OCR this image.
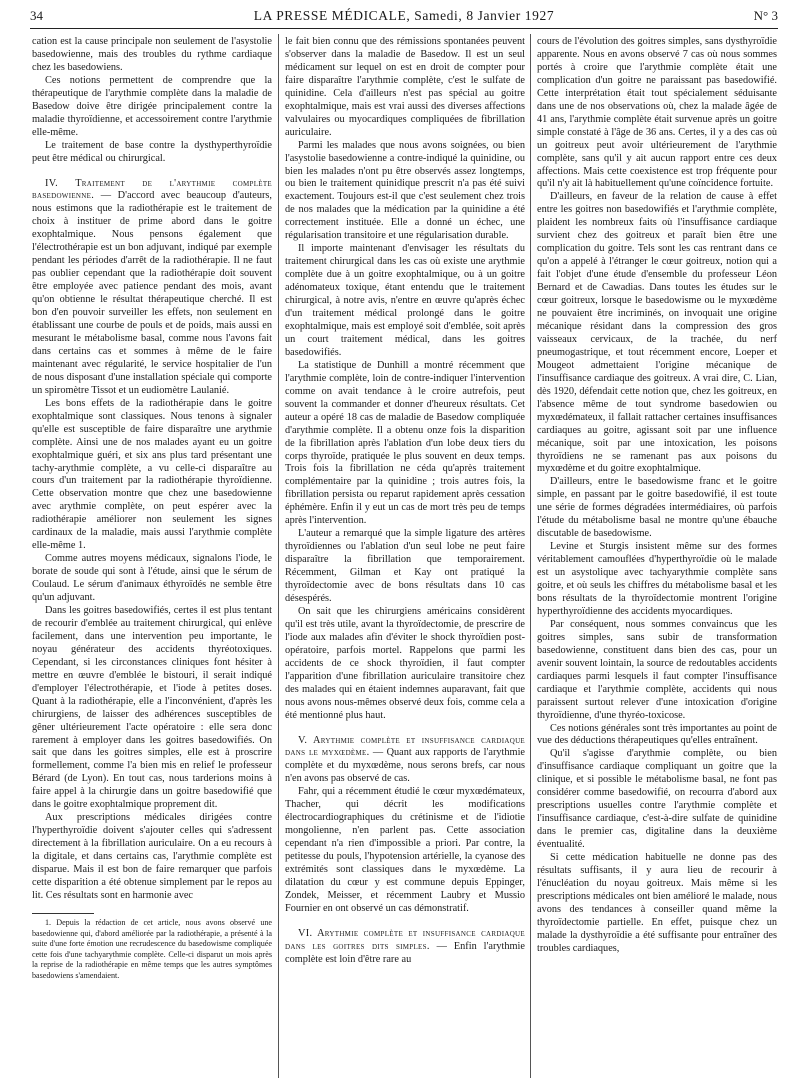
34	LA PRESSE MÉDICALE, Samedi, 8 Janvier 1927	N° 3

cation est la cause principale non seulement de l'asystolie basedowienne, mais des troubles du rythme cardiaque chez les basedowiens.

Ces notions permettent de comprendre que la thérapeutique de l'arythmie complète dans la maladie de Basedow doive être dirigée principalement contre la maladie thyroïdienne, et accessoirement contre l'arythmie elle-même.

Le traitement de base contre la dysthyperthyroïdie peut être médical ou chirurgical.

IV. Traitement de l'arythmie complète basedowienne. — D'accord avec beaucoup d'auteurs, nous estimons que la radiothérapie est le traitement de choix à instituer de prime abord dans le goitre exophtalmique. Nous pensons également que l'électrothérapie est un bon adjuvant, indiqué par exemple pendant les périodes d'arrêt de la radiothérapie. Il ne faut pas oublier cependant que la radiothérapie doit souvent être employée avec patience pendant des mois, avant qu'on obtienne le résultat thérapeutique cherché. Il est bon d'en pouvoir surveiller les effets, non seulement en établissant une courbe de pouls et de poids, mais aussi en mesurant le métabolisme basal, comme nous l'avons fait dans certains cas et sommes à même de le faire maintenant avec régularité, le service hospitalier de l'un de nous disposant d'une installation spéciale qui comporte un spiromètre Tissot et un eudiomètre Laulanié.

Les bons effets de la radiothérapie dans le goitre exophtalmique sont classiques. Nous tenons à signaler qu'elle est susceptible de faire disparaître une arythmie complète. Ainsi une de nos malades ayant eu un goitre exophtalmique guéri, et six ans plus tard présentant une tachy-arythmie complète, a vu celle-ci disparaître au cours d'un traitement par la radiothérapie thyroïdienne. Cette observation montre que chez une basedowienne avec arythmie complète, on peut espérer avec la radiothérapie améliorer non seulement les signes cardinaux de la maladie, mais aussi l'arythmie complète elle-même 1.

Comme autres moyens médicaux, signalons l'iode, le borate de soude qui sont à l'étude, ainsi que le sérum de Coulaud. Le sérum d'animaux éthyroïdés ne semble être qu'un adjuvant.

Dans les goitres basedowifiés, certes il est plus tentant de recourir d'emblée au traitement chirurgical, qui enlève facilement, dans une intervention peu importante, le noyau générateur des accidents thyréotoxiques. Cependant, si les circonstances cliniques font hésiter à mettre en œuvre d'emblée le bistouri, il serait indiqué d'employer l'électrothérapie, et l'iode à petites doses. Quant à la radiothérapie, elle a l'inconvénient, d'après les chirurgiens, de laisser des adhérences susceptibles de gêner ultérieurement l'acte opératoire : elle sera donc rarement à employer dans les goitres basedowifiés. On sait que dans les goitres simples, elle est à proscrire formellement, comme l'a bien mis en relief le professeur Bérard (de Lyon). En tout cas, nous tarderions moins à faire appel à la chirurgie dans un goitre basedowifié que dans le goitre exophtalmique proprement dit.

Aux prescriptions médicales dirigées contre l'hyperthyroïdie doivent s'ajouter celles qui s'adressent directement à la fibrillation auriculaire. On a eu recours à la digitale, et dans certains cas, l'arythmie complète est disparue. Mais il est bon de faire remarquer que parfois cette disparition a été obtenue simplement par le repos au lit. Ces résultats sont en harmonie avec

1. Depuis la rédaction de cet article, nous avons observé une basedowienne qui, d'abord améliorée par la radiothérapie, a présenté à la suite d'une forte émotion une recrudescence du basedowisme compliquée cette fois d'une tachyarythmie complète. Celle-ci disparut un mois après la reprise de la radiothérapie en même temps que les autres symptômes basedowiens s'amendaient.

le fait bien connu que des rémissions spontanées peuvent s'observer dans la maladie de Basedow. Il est un seul médicament sur lequel on est en droit de compter pour faire disparaître l'arythmie complète, c'est le sulfate de quinidine. Cela d'ailleurs n'est pas spécial au goitre exophtalmique, mais est vrai aussi des diverses affections valvulaires ou myocardiques compliquées de fibrillation auriculaire.

Parmi les malades que nous avons soignées, ou bien l'asystolie basedowienne a contre-indiqué la quinidine, ou bien les malades n'ont pu être observés assez longtemps, ou bien le traitement quinidique prescrit n'a pas été suivi exactement. Toujours est-il que c'est seulement chez trois de nos malades que la médication par la quinidine a été correctement instituée. Elle a donné un échec, une régularisation transitoire et une régularisation durable.

Il importe maintenant d'envisager les résultats du traitement chirurgical dans les cas où existe une arythmie complète due à un goitre exophtalmique, ou à un goitre adénomateux toxique, étant entendu que le traitement chirurgical, à notre avis, n'entre en œuvre qu'après échec d'un traitement médical prolongé dans le goitre exophtalmique, mais est employé soit d'emblée, soit après un court traitement médical, dans les goitres basedowifiés.

La statistique de Dunhill a montré récemment que l'arythmie complète, loin de contre-indiquer l'intervention comme on avait tendance à le croire autrefois, peut souvent la commander et donner d'heureux résultats. Cet auteur a opéré 18 cas de maladie de Basedow compliquée d'arythmie complète. Il a obtenu onze fois la disparition de la fibrillation après l'ablation d'un lobe deux tiers du corps thyroïde, pratiquée le plus souvent en deux temps. Trois fois la fibrillation ne céda qu'après traitement complémentaire par la quinidine ; trois autres fois, la fibrillation persista ou reparut rapidement après cessation éphémère. Enfin il y eut un cas de mort très peu de temps après l'intervention.

L'auteur a remarqué que la simple ligature des artères thyroïdiennes ou l'ablation d'un seul lobe ne peut faire disparaître la fibrillation que temporairement. Récemment, Gilman et Kay ont pratiqué la thyroïdectomie avec de bons résultats dans 10 cas désespérés.

On sait que les chirurgiens américains considèrent qu'il est très utile, avant la thyroïdectomie, de prescrire de l'iode aux malades afin d'éviter le shock thyroïdien post-opératoire, parfois mortel. Rappelons que parmi les accidents de ce shock thyroïdien, il faut compter l'apparition d'une fibrillation auriculaire transitoire chez des malades qui en étaient indemnes auparavant, fait que nous avons nous-mêmes observé deux fois, comme cela a été mentionné plus haut.

V. Arythmie complète et insuffisance cardiaque dans le myxœdème. — Quant aux rapports de l'arythmie complète et du myxœdème, nous serons brefs, car nous n'en avons pas observé de cas.

Fahr, qui a récemment étudié le cœur myxœdémateux, Thacher, qui décrit les modifications électrocardiographiques du crétinisme et de l'idiotie mongolienne, n'en parlent pas. Cette association cependant n'a rien d'impossible a priori. Par contre, la petitesse du pouls, l'hypotension artérielle, la cyanose des extrémités sont classiques dans le myxœdème. La dilatation du cœur y est commune depuis Eppinger, Zondek, Meisser, et récemment Laubry et Mussio Fournier en ont observé un cas démonstratif.

VI. Arythmie complète et insuffisance cardiaque dans les goitres dits simples. — Enfin l'arythmie complète est loin d'être rare au

cours de l'évolution des goitres simples, sans dysthyroïdie apparente. Nous en avons observé 7 cas où nous sommes portés à croire que l'arythmie complète était une complication d'un goitre ne paraissant pas basedowifié. Cette interprétation était tout spécialement séduisante dans une de nos observations où, chez la malade âgée de 41 ans, l'arythmie complète était survenue après un goitre simple constaté à l'âge de 36 ans. Certes, il y a des cas où un goitreux peut avoir ultérieurement de l'arythmie complète, sans qu'il y ait aucun rapport entre ces deux affections. Mais cette coexistence est trop fréquente pour qu'il n'y ait là habituellement qu'une coïncidence fortuite.

D'ailleurs, en faveur de la relation de cause à effet entre les goitres non basedowifiés et l'arythmie complète, plaident les nombreux faits où l'insuffisance cardiaque survient chez des goitreux et paraît bien être une complication du goitre. Tels sont les cas rentrant dans ce qu'on a appelé à l'étranger le cœur goitreux, notion qui a fait l'objet d'une étude d'ensemble du professeur Léon Bernard et de Cawadias. Dans toutes les études sur le cœur goitreux, lorsque le basedowisme ou le myxœdème ne pouvaient être incriminés, on invoquait une origine mécanique résidant dans la compression des gros vaisseaux cervicaux, de la trachée, du nerf pneumogastrique, et tout récemment encore, Loeper et Mougeot admettaient l'origine mécanique de l'insuffisance cardiaque des goitreux. A vrai dire, C. Lian, dès 1920, défendait cette notion que, chez les goitreux, en l'absence même de tout syndrome basedowien ou myxœdémateux, il fallait rattacher certaines insuffisances cardiaques au goitre, agissant soit par une influence mécanique, soit par une intoxication, les poisons thyroïdiens ne se ramenant pas aux poisons du myxœdème et du goitre exophtalmique.

D'ailleurs, entre le basedowisme franc et le goitre simple, en passant par le goitre basedowifié, il est toute une série de formes dégradées intermédiaires, où parfois l'étude du métabolisme basal ne montre qu'une ébauche discutable de basedowisme.

Levine et Sturgis insistent même sur des formes véritablement camouflées d'hyperthyroïdie où le malade est un asystolique avec tachyarythmie complète sans goitre, et où seuls les chiffres du métabolisme basal et les bons résultats de la thyroïdectomie montrent l'origine hyperthyroïdienne des accidents myocardiques.

Par conséquent, nous sommes convaincus que les goitres simples, sans subir de transformation basedowienne, constituent dans bien des cas, pour un avenir souvent lointain, la source de redoutables accidents cardiaques parmi lesquels il faut compter l'insuffisance cardiaque et l'arythmie complète, accidents qui nous paraissent surtout relever d'une intoxication d'origine thyroïdienne, d'une thyréo-toxicose.

Ces notions générales sont très importantes au point de vue des déductions thérapeutiques qu'elles entraînent.

Qu'il s'agisse d'arythmie complète, ou bien d'insuffisance cardiaque compliquant un goitre que la clinique, et si possible le métabolisme basal, ne font pas considérer comme basedowifié, on recourra d'abord aux prescriptions usuelles contre l'arythmie complète et l'insuffisance cardiaque, c'est-à-dire sulfate de quinidine dans le premier cas, digitaline dans la deuxième éventualité.

Si cette médication habituelle ne donne pas des résultats suffisants, il y aura lieu de recourir à l'énucléation du noyau goitreux. Mais même si les prescriptions médicales ont bien amélioré le malade, nous avons des tendances à conseiller quand même la thyroïdectomie partielle. En effet, puisque chez un malade la dysthyroïdie a été suffisante pour entraîner des troubles cardiaques,
